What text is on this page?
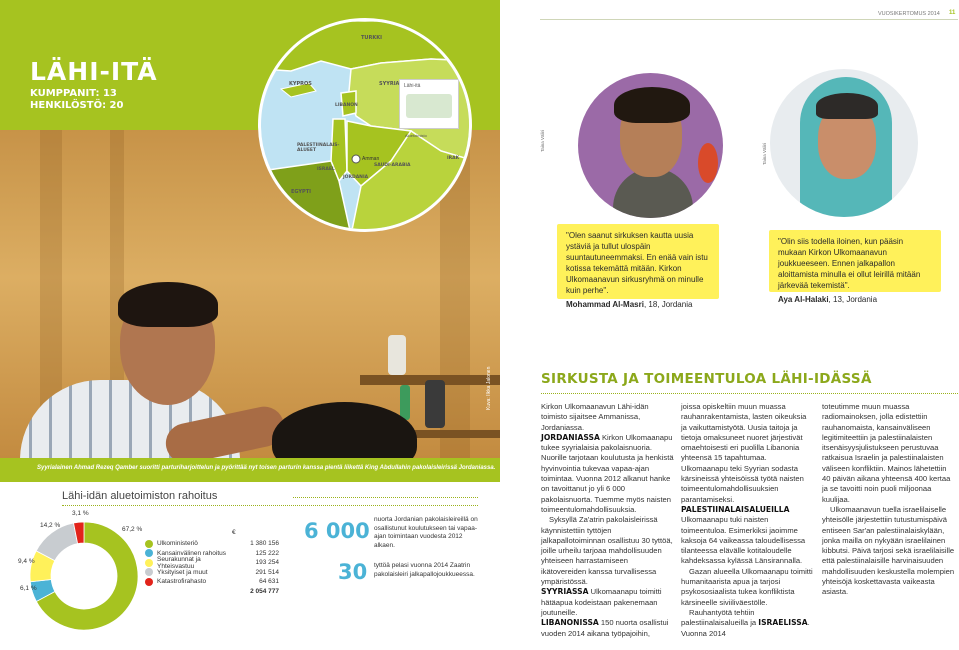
LÄHI-ITÄ
KUMPPANIT: 13
HENKILÖSTÖ: 20
Kuva: Ilkka Jalonen
TURKKI
KYPROS	SYYRIA
LIBANON
PALESTIINALAIS-ALUEET
ISRAEL
JORDANIA
SAUDI-ARABIA
IRAK
EGYPTI
Amman
Lähi-itä
Aluetoimisto
Syyrialainen Ahmad Rezeq Qamber suoritti parturiharjoittelun ja pyörittää nyt toisen parturin kanssa pientä liikettä King Abdullahin pakolaisleirissä Jordaniassa.
Lähi-idän aluetoimiston rahoitus
67,2 %
6,1 %
9,4 %
14,2 %
3,1 %
€
Ulkoministeriö	1 380 156
Kansainvälinen rahoitus	125 222
Seurakunnat ja Yhteisvastuu	193 254
Yksityiset ja muut	291 514
Katastrofirahasto	64 631
2 054 777
6 000 nuorta Jordanian pakolaisleireillä on osallistunut koulutukseen tai vapaa-ajan toimintaan vuodesta 2012 alkaen.
30 tyttöä pelasi vuonna 2014 Zaatrin pakolaisleiri jalkapallojoukkueessa.
VUOSIKERTOMUS 2014 11
Taina Väliri
Taina Väliri
"Olen saanut sirkuksen kautta uusia ystäviä ja tullut ulospäin suuntautuneemmaksi. En enää vain istu kotissa tekemättä mitään. Kirkon Ulkomaanavun sirkusryhmä on minulle kuin perhe".
Mohammad Al-Masri, 18, Jordania
"Olin siis todella iloinen, kun pääsin mukaan Kirkon Ulkomaanavun joukkueeseen. Ennen jalkapallon aloittamista minulla ei ollut leirillä mitään järkevää tekemistä".
Aya Al-Halaki, 13, Jordania
SIRKUSTA JA TOIMEENTULOA LÄHI-IDÄSSÄ

Kirkon Ulkomaanavun Lähi-idän toimisto sijaitsee Ammanissa, Jordaniassa.

JORDANIASSA Kirkon Ulkomaanapu tukee syyrialaisia pakolaisnuoria. Nuorille tarjotaan koulutusta ja henkistä hyvinvointia tukevaa vapaa-ajan toimintaa. Vuonna 2012 alkanut hanke on tavoittanut jo yli 6 000 pakolaisnuorta. Tuemme myös naisten toimeentulomahdollisuuksia.

Syksyllä Za'atrin pakolaisleirissä käynnistettiin tyttöjen jalkapallotoiminnan osallistuu 30 tyttöä, joille urheilu tarjoaa mahdollisuuden yhteiseen harrastamiseen ikätovereiden kanssa turvallisessa ympäristössä.

SYYRIASSA Ulkomaanapu toimitti hätäapua kodeistaan pakenemaan joutuneille.

LIBANONISSA 150 nuorta osallistui vuoden 2014 aikana työpajoihin,

joissa opiskeltiin muun muassa rauhanrakentamista, lasten oikeuksia ja vaikuttamistyötä. Uusia taitoja ja tietoja omaksuneet nuoret järjestivät omaehtoisesti eri puolilla Libanonia yhteensä 15 tapahtumaa. Ulkomaanapu teki Syyrian sodasta kärsineissä yhteisöissä työtä naisten toimeentulomahdollisuuksien parantamiseksi.

PALESTIINALAISALUEILLA Ulkomaanapu tuki naisten toimeentuloa. Esimerkiksi jaoimme kaksoja 64 vaikeassa taloudellisessa tilanteessa elävälle kotitaloudelle kahdeksassa kylässä Länsirannalla.

Gazan alueella Ulkomaanapu toimitti humanitaarista apua ja tarjosi psykososiaalista tukea konfliktista kärsineelle siviiliväestölle.

Rauhantyötä tehtiin palestiinalaisalueilla ja ISRAELISSA. Vuonna 2014

toteutimme muun muassa radiomainoksen, jolla edistettiin rauhanomaista, kansainväliseen legitimiteettiin ja palestiinalaisten itsenäisyysjulistukseen perustuvaa ratkaisua Israelin ja palestiinalaisten väliseen konfliktiin. Mainos lähetettiin 40 päivän aikana yhteensä 400 kertaa ja se tavoitti noin puoli miljoonaa kuulijaa.

Ulkomaanavun tuella israelilaiselle yhteisölle järjestettiin tutustumispäivä entiseen Sar'an palestiinalaiskylään, jonka mailla on nykyään israelilainen kibbutsi. Päivä tarjosi sekä israelilaisille että palestiinalaisille harvinaisuuden mahdollisuuden keskustella molempien yhteisöjä koskettavasta vaikeasta asiasta.
